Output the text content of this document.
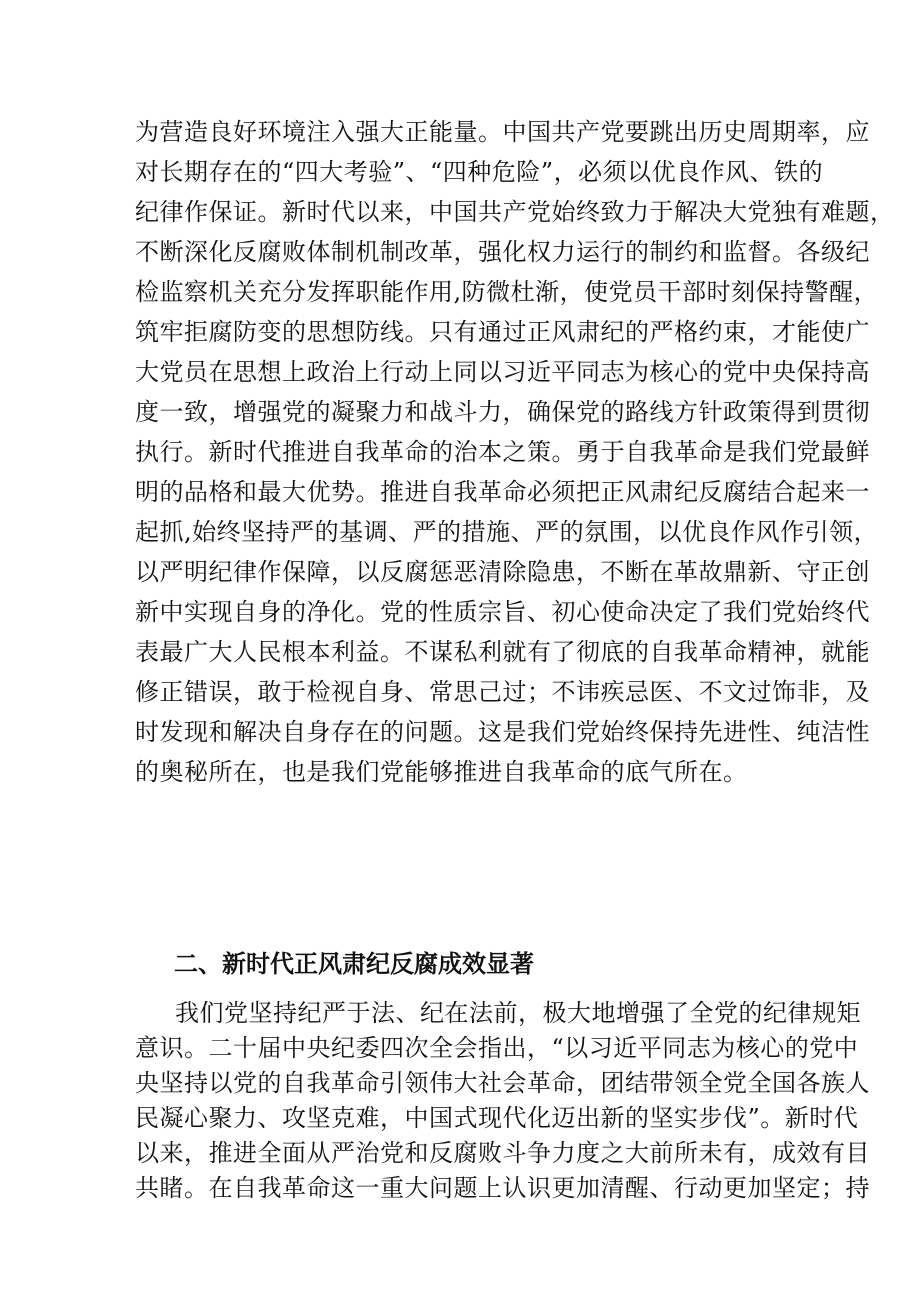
为营造良好环境注入强大正能量。中国共产党要跳出历史周期率，应
对长期存在的“四大考验”、“四种危险”，必须以优良作风、铁的
纪律作保证。新时代以来，中国共产党始终致力于解决大党独有难题，
不断深化反腐败体制机制改革，强化权力运行的制约和监督。各级纪
检监察机关充分发挥职能作用,防微杜渐，使党员干部时刻保持警醒，
筑牢拒腐防变的思想防线。只有通过正风肃纪的严格约束，才能使广
大党员在思想上政治上行动上同以习近平同志为核心的党中央保持高
度一致，增强党的凝聚力和战斗力，确保党的路线方针政策得到贯彻
执行。新时代推进自我革命的治本之策。勇于自我革命是我们党最鲜
明的品格和最大优势。推进自我革命必须把正风肃纪反腐结合起来一
起抓,始终坚持严的基调、严的措施、严的氛围，以优良作风作引领，
以严明纪律作保障，以反腐惩恶清除隐患，不断在革故鼎新、守正创
新中实现自身的净化。党的性质宗旨、初心使命决定了我们党始终代
表最广大人民根本利益。不谋私利就有了彻底的自我革命精神，就能
修正错误，敢于检视自身、常思己过；不讳疾忌医、不文过饰非，及
时发现和解决自身存在的问题。这是我们党始终保持先进性、纯洁性
的奥秘所在，也是我们党能够推进自我革命的底气所在。
二、新时代正风肃纪反腐成效显著
我们党坚持纪严于法、纪在法前，极大地增强了全党的纪律规矩
意识。二十届中央纪委四次全会指出，“以习近平同志为核心的党中
央坚持以党的自我革命引领伟大社会革命，团结带领全党全国各族人
民凝心聚力、攻坚克难，中国式现代化迈出新的坚实步伐”。新时代
以来，推进全面从严治党和反腐败斗争力度之大前所未有，成效有目
共睹。在自我革命这一重大问题上认识更加清醒、行动更加坚定；持
